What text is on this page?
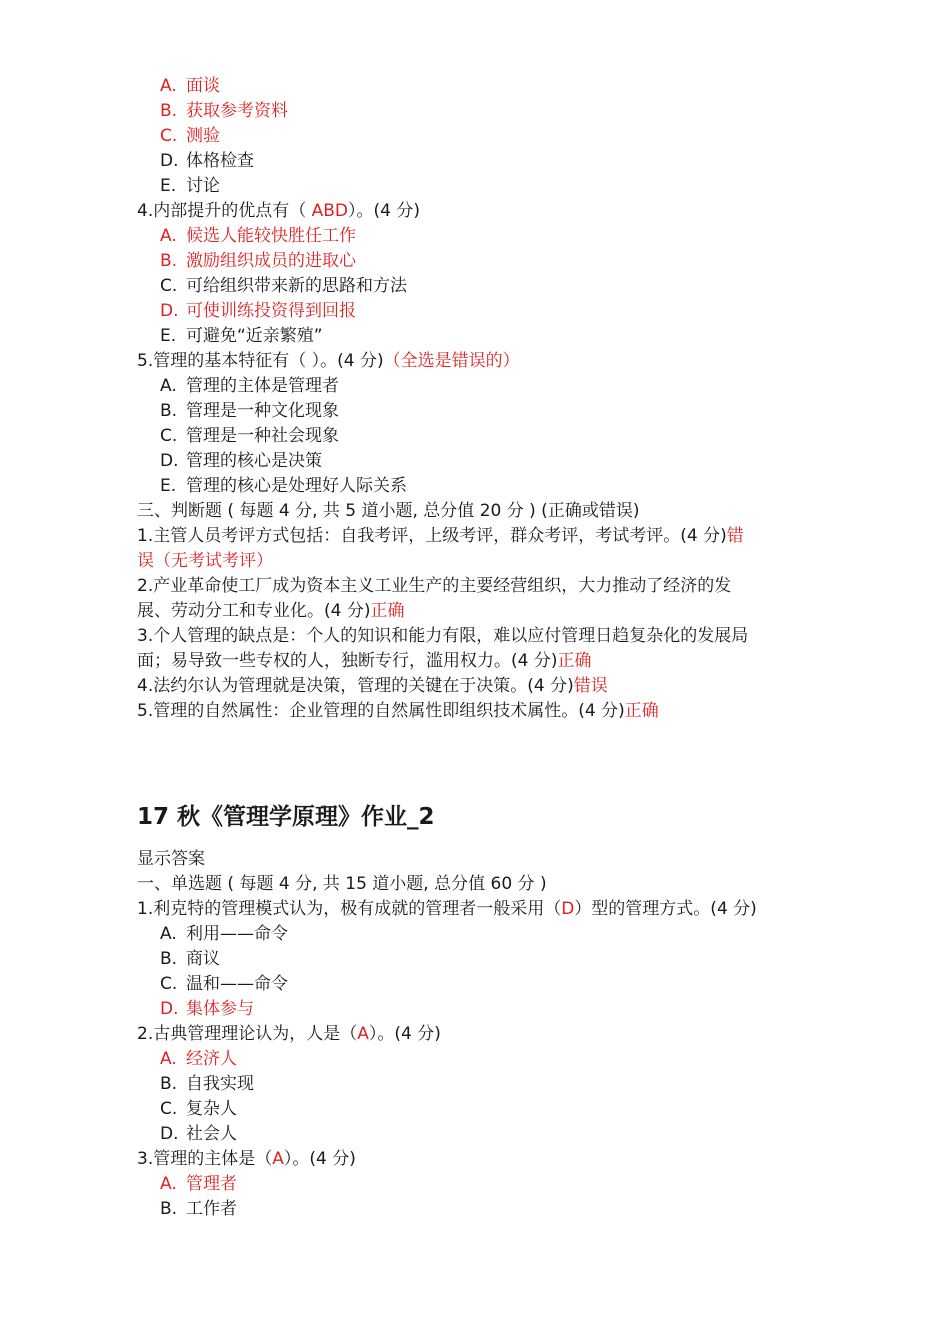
A. 面谈
B. 获取参考资料
C. 测验
D. 体格检查
E. 讨论
4.内部提升的优点有（ ABD）。(4 分)
A. 候选人能较快胜任工作
B. 激励组织成员的进取心
C. 可给组织带来新的思路和方法
D. 可使训练投资得到回报
E. 可避免“近亲繁殖”
5.管理的基本特征有（ ）。(4 分)（全选是错误的）
A. 管理的主体是管理者
B. 管理是一种文化现象
C. 管理是一种社会现象
D. 管理的核心是决策
E. 管理的核心是处理好人际关系
三、判断题 ( 每题 4 分, 共 5 道小题, 总分值 20 分 ) (正确或错误)
1.主管人员考评方式包括：自我考评，上级考评，群众考评，考试考评。(4 分)错
误（无考试考评）
2.产业革命使工厂成为资本主义工业生产的主要经营组织，大力推动了经济的发
展、劳动分工和专业化。(4 分)正确
3.个人管理的缺点是：个人的知识和能力有限，难以应付管理日趋复杂化的发展局
面；易导致一些专权的人，独断专行，滥用权力。(4 分)正确
4.法约尔认为管理就是决策，管理的关键在于决策。(4 分)错误
5.管理的自然属性：企业管理的自然属性即组织技术属性。(4 分)正确
17 秋《管理学原理》作业_2
显示答案
一、单选题 ( 每题 4 分, 共 15 道小题, 总分值 60 分 )
1.利克特的管理模式认为，极有成就的管理者一般采用（D）型的管理方式。(4 分)
A. 利用——命令
B. 商议
C. 温和——命令
D. 集体参与
2.古典管理理论认为，人是（A）。(4 分)
A. 经济人
B. 自我实现
C. 复杂人
D. 社会人
3.管理的主体是（A）。(4 分)
A. 管理者
B. 工作者
